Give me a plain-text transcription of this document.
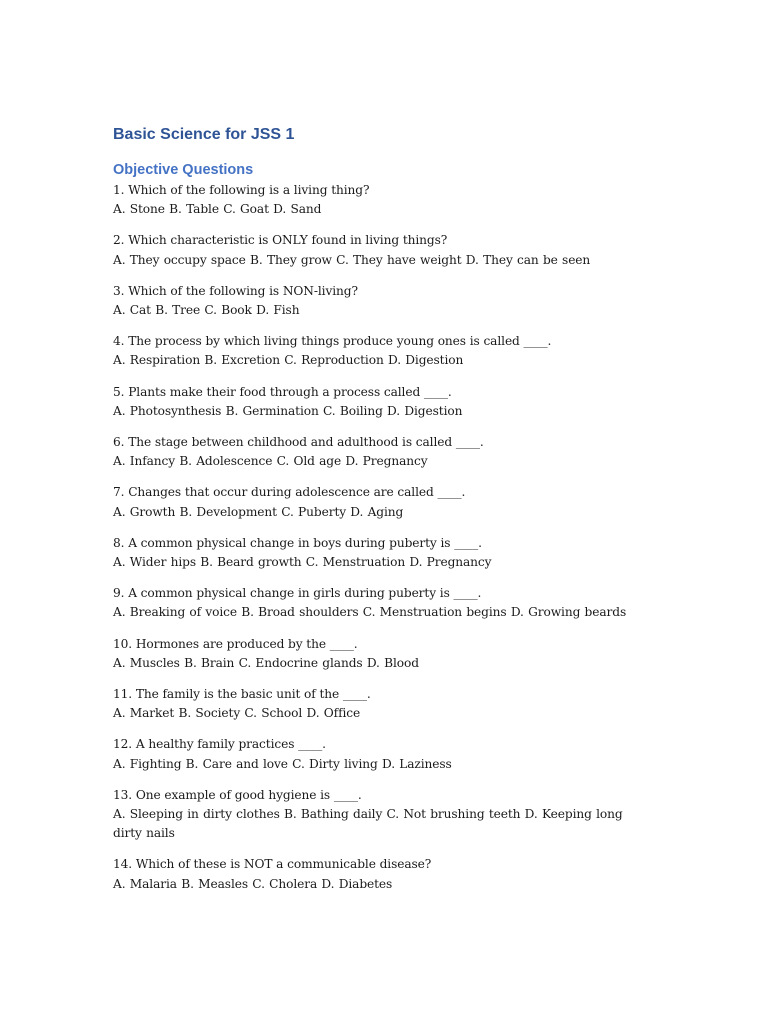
Basic Science for JSS 1
Objective Questions
1. Which of the following is a living thing?
A. Stone B. Table C. Goat D. Sand
2. Which characteristic is ONLY found in living things?
A. They occupy space B. They grow C. They have weight D. They can be seen
3. Which of the following is NON-living?
A. Cat B. Tree C. Book D. Fish
4. The process by which living things produce young ones is called ____.
A. Respiration B. Excretion C. Reproduction D. Digestion
5. Plants make their food through a process called ____.
A. Photosynthesis B. Germination C. Boiling D. Digestion
6. The stage between childhood and adulthood is called ____.
A. Infancy B. Adolescence C. Old age D. Pregnancy
7. Changes that occur during adolescence are called ____.
A. Growth B. Development C. Puberty D. Aging
8. A common physical change in boys during puberty is ____.
A. Wider hips B. Beard growth C. Menstruation D. Pregnancy
9. A common physical change in girls during puberty is ____.
A. Breaking of voice B. Broad shoulders C. Menstruation begins D. Growing beards
10. Hormones are produced by the ____.
A. Muscles B. Brain C. Endocrine glands D. Blood
11. The family is the basic unit of the ____.
A. Market B. Society C. School D. Office
12. A healthy family practices ____.
A. Fighting B. Care and love C. Dirty living D. Laziness
13. One example of good hygiene is ____.
A. Sleeping in dirty clothes B. Bathing daily C. Not brushing teeth D. Keeping long dirty nails
14. Which of these is NOT a communicable disease?
A. Malaria B. Measles C. Cholera D. Diabetes
